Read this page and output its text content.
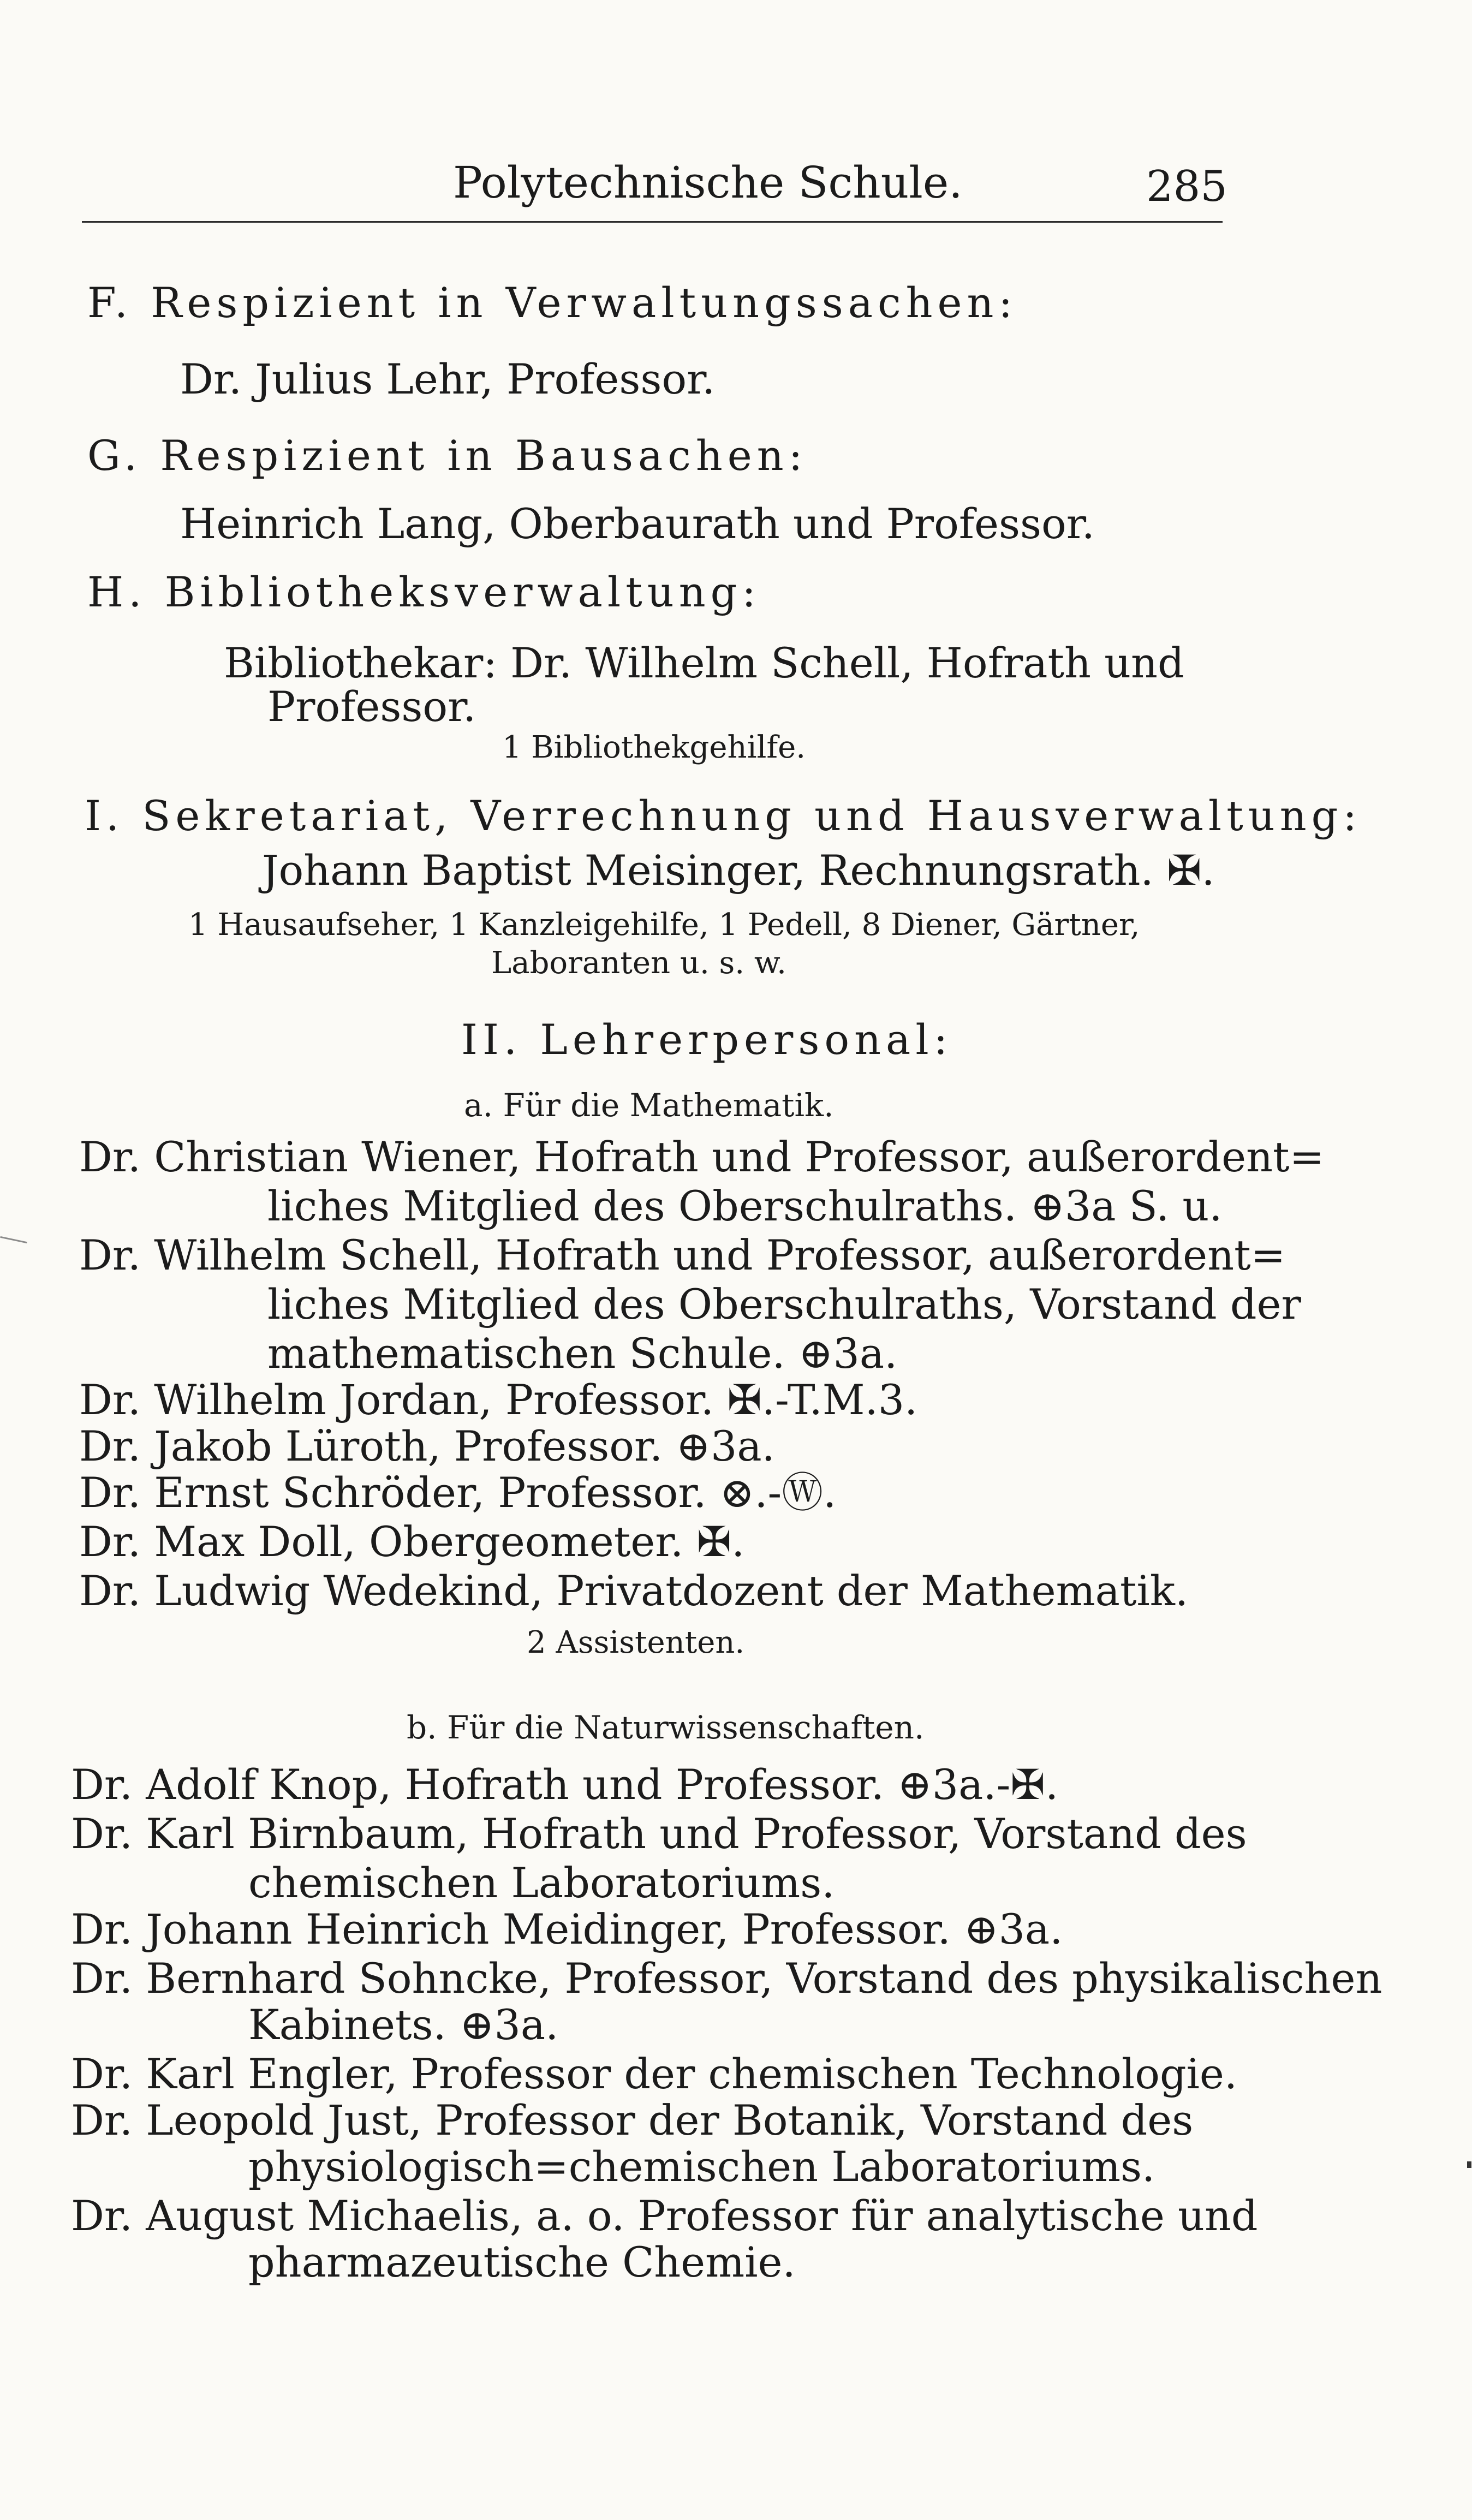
Polytechnische Schule.	285
F. Respizient in Verwaltungssachen:
Dr. Julius Lehr, Professor.
G. Respizient in Bausachen:
Heinrich Lang, Oberbaurath und Professor.
H. Bibliotheksverwaltung:
Bibliothekar: Dr. Wilhelm Schell, Hofrath und
Professor.
1 Bibliothekgehilfe.
I. Sekretariat, Verrechnung und Hausverwaltung:
Johann Baptist Meisinger, Rechnungsrath. ✠.
1 Hausaufseher, 1 Kanzleigehilfe, 1 Pedell, 8 Diener, Gärtner,
Laboranten u. s. w.
II. Lehrerpersonal:
a. Für die Mathematik.
Dr. Christian Wiener, Hofrath und Professor, außerordent=
liches Mitglied des Oberschulraths. ⊕3a S. u.
Dr. Wilhelm Schell, Hofrath und Professor, außerordent=
liches Mitglied des Oberschulraths, Vorstand der
mathematischen Schule. ⊕3a.
Dr. Wilhelm Jordan, Professor. ✠.-T.M.3.
Dr. Jakob Lüroth, Professor. ⊕3a.
Dr. Ernst Schröder, Professor. ⊗.-Ⓦ.
Dr. Max Doll, Obergeometer. ✠.
Dr. Ludwig Wedekind, Privatdozent der Mathematik.
2 Assistenten.
b. Für die Naturwissenschaften.
Dr. Adolf Knop, Hofrath und Professor. ⊕3a.-✠.
Dr. Karl Birnbaum, Hofrath und Professor, Vorstand des
chemischen Laboratoriums.
Dr. Johann Heinrich Meidinger, Professor. ⊕3a.
Dr. Bernhard Sohncke, Professor, Vorstand des physikalischen
Kabinets. ⊕3a.
Dr. Karl Engler, Professor der chemischen Technologie.
Dr. Leopold Just, Professor der Botanik, Vorstand des
physiologisch=chemischen Laboratoriums.
Dr. August Michaelis, a. o. Professor für analytische und
pharmazeutische Chemie.
